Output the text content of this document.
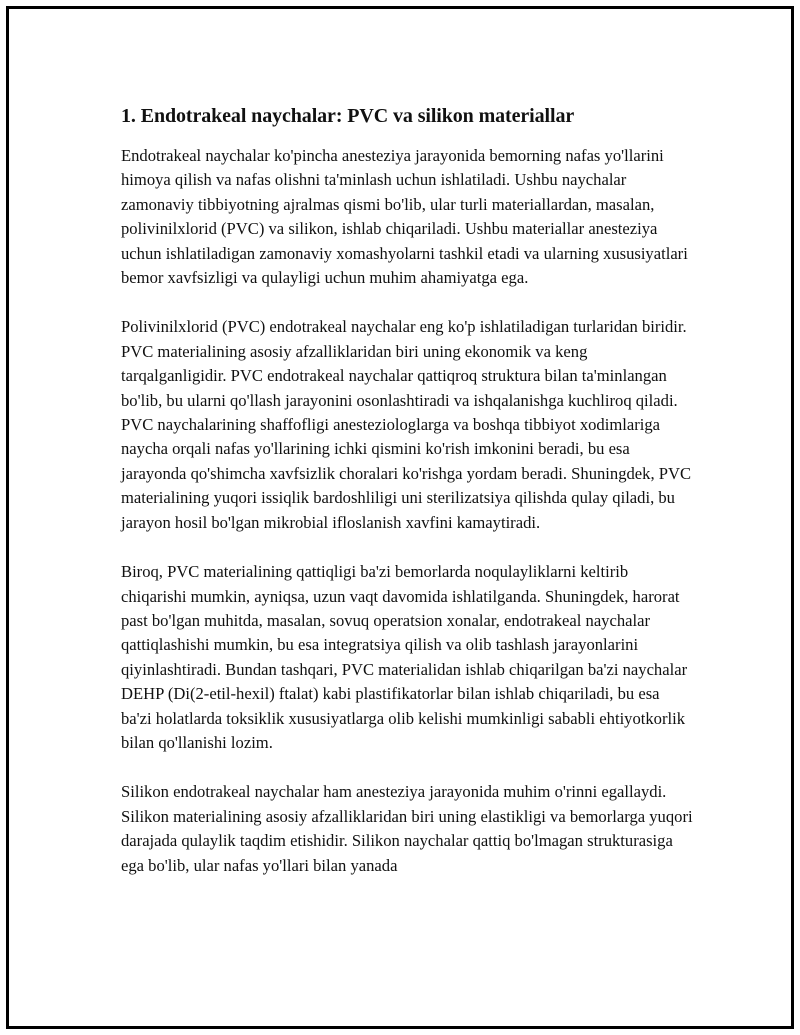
1. Endotrakeal naychalar: PVC va silikon materiallar

Endotrakeal naychalar ko'pincha anesteziya jarayonida bemorning nafas yo'llarini himoya qilish va nafas olishni ta'minlash uchun ishlatiladi. Ushbu naychalar zamonaviy tibbiyotning ajralmas qismi bo'lib, ular turli materiallardan, masalan, polivinilxlorid (PVC) va silikon, ishlab chiqariladi. Ushbu materiallar anesteziya uchun ishlatiladigan zamonaviy xomashyolarni tashkil etadi va ularning xususiyatlari bemor xavfsizligi va qulayligi uchun muhim ahamiyatga ega.

Polivinilxlorid (PVC) endotrakeal naychalar eng ko'p ishlatiladigan turlaridan biridir. PVC materialining asosiy afzalliklaridan biri uning ekonomik va keng tarqalganligidir. PVC endotrakeal naychalar qattiqroq struktura bilan ta'minlangan bo'lib, bu ularni qo'llash jarayonini osonlashtiradi va ishqalanishga kuchliroq qiladi. PVC naychalarining shaffofligi anesteziologlarga va boshqa tibbiyot xodimlariga naycha orqali nafas yo'llarining ichki qismini ko'rish imkonini beradi, bu esa jarayonda qo'shimcha xavfsizlik choralari ko'rishga yordam beradi. Shuningdek, PVC materialining yuqori issiqlik bardoshliligi uni sterilizatsiya qilishda qulay qiladi, bu jarayon hosil bo'lgan mikrobial ifloslanish xavfini kamaytiradi.

Biroq, PVC materialining qattiqligi ba'zi bemorlarda noqulayliklarni keltirib chiqarishi mumkin, ayniqsa, uzun vaqt davomida ishlatilganda. Shuningdek, harorat past bo'lgan muhitda, masalan, sovuq operatsion xonalar, endotrakeal naychalar qattiqlashishi mumkin, bu esa integratsiya qilish va olib tashlash jarayonlarini qiyinlashtiradi. Bundan tashqari, PVC materialidan ishlab chiqarilgan ba'zi naychalar DEHP (Di(2-etil-hexil) ftalat) kabi plastifikatorlar bilan ishlab chiqariladi, bu esa ba'zi holatlarda toksiklik xususiyatlarga olib kelishi mumkinligi sababli ehtiyotkorlik bilan qo'llanishi lozim.

Silikon endotrakeal naychalar ham anesteziya jarayonida muhim o'rinni egallaydi. Silikon materialining asosiy afzalliklaridan biri uning elastikligi va bemorlarga yuqori darajada qulaylik taqdim etishidir. Silikon naychalar qattiq bo'lmagan strukturasiga ega bo'lib, ular nafas yo'llari bilan yanada
